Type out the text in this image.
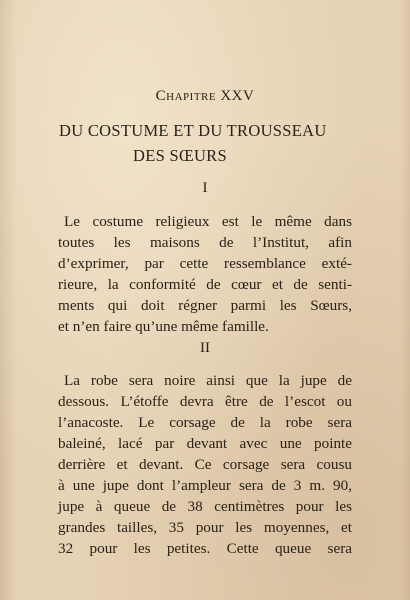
Chapitre XXV
DU COSTUME ET DU TROUSSEAU
DES SŒURS
I
Le costume religieux est le même dans
toutes les maisons de l’Institut, afin
d’exprimer, par cette ressemblance exté-
rieure, la conformité de cœur et de senti-
ments qui doit régner parmi les Sœurs,
et n’en faire qu’une même famille.
II
La robe sera noire ainsi que la jupe de
dessous. L’étoffe devra être de l’escot ou
l’anacoste. Le corsage de la robe sera
baleiné, lacé par devant avec une pointe
derrière et devant. Ce corsage sera cousu
à une jupe dont l’ampleur sera de 3 m. 90,
jupe à queue de 38 centimètres pour les
grandes tailles, 35 pour les moyennes, et
32 pour les petites. Cette queue sera
